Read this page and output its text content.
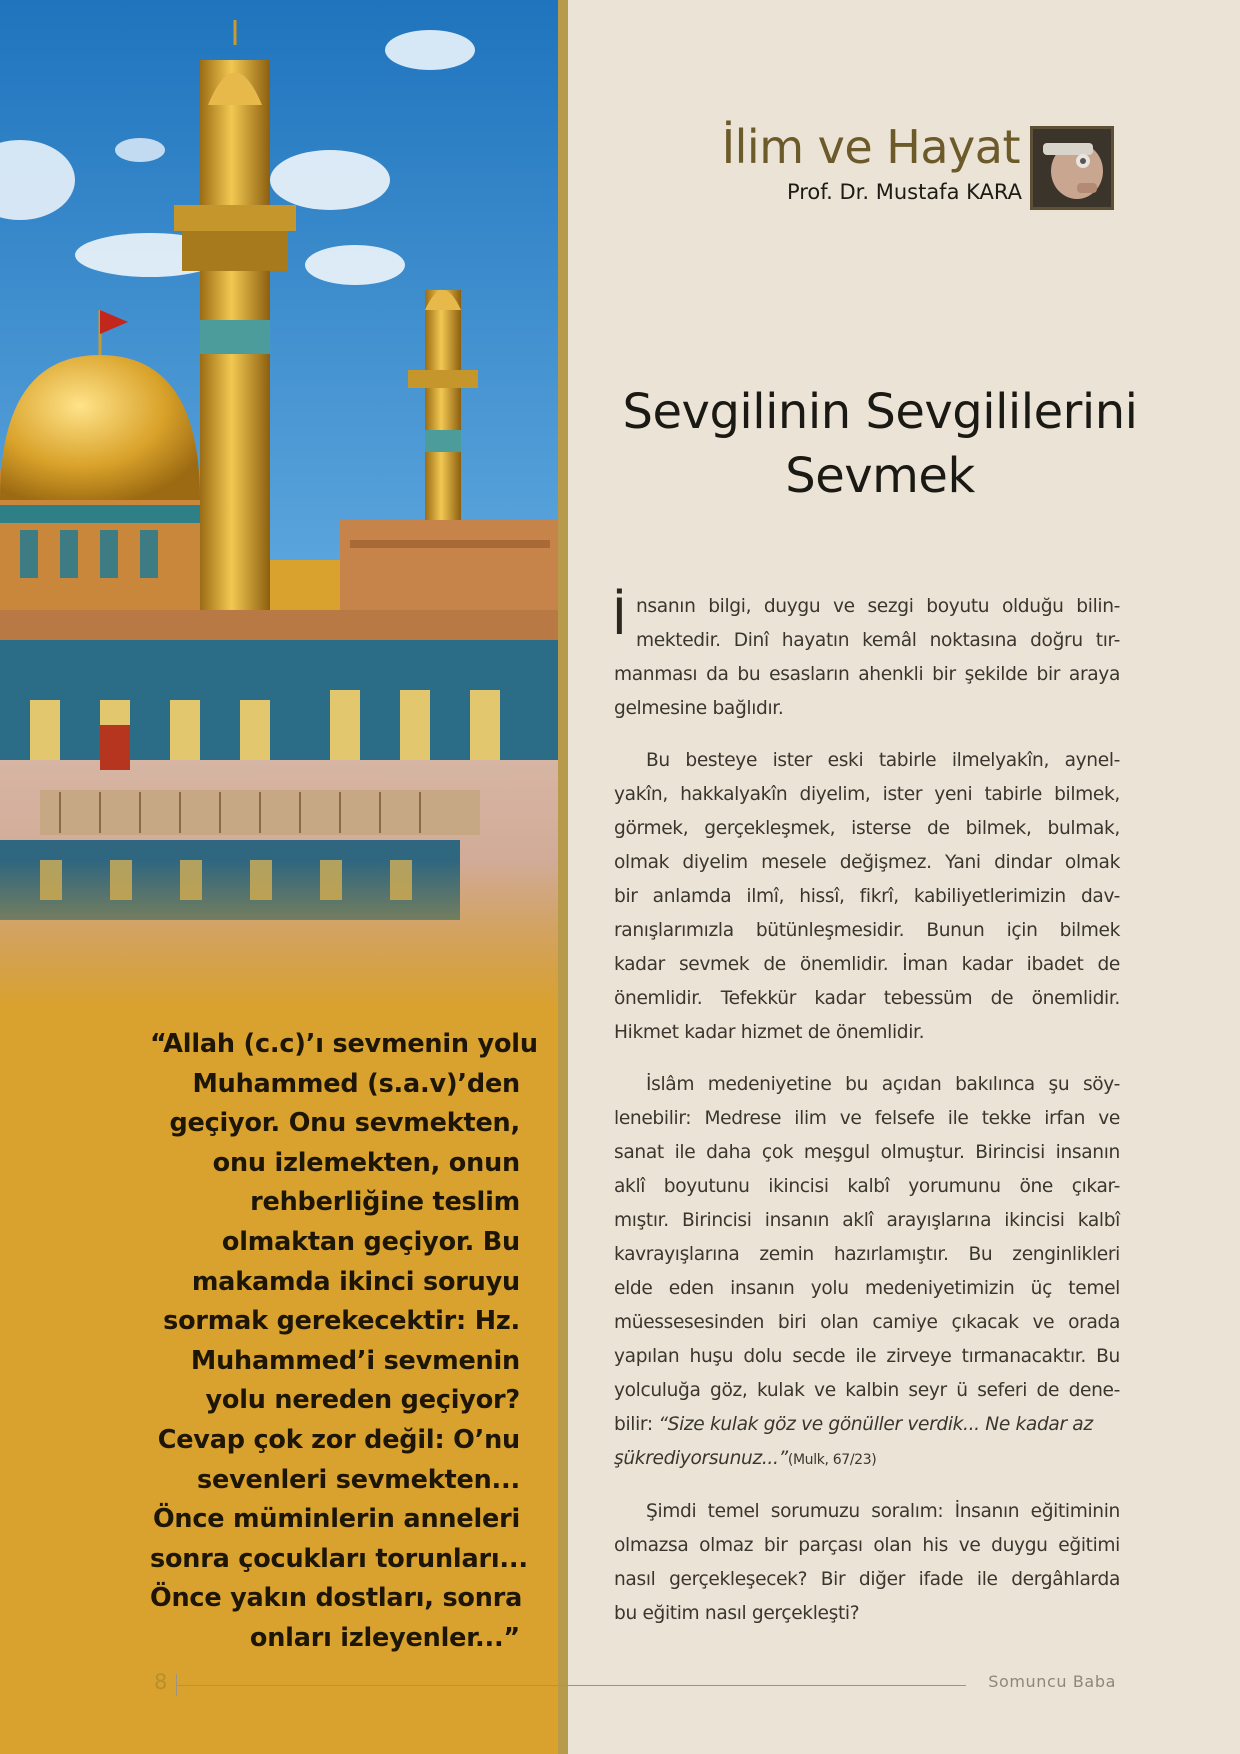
“Allah (c.c)’ı sevmenin yolu
Muhammed (s.a.v)’den
geçiyor. Onu sevmekten,
onu izlemekten, onun
rehberliğine teslim
olmaktan geçiyor. Bu
makamda ikinci soruyu
sormak gerekecektir: Hz.
Muhammed’i sevmenin
yolu nereden geçiyor?
Cevap çok zor değil: O’nu
sevenleri sevmekten...
Önce müminlerin anneleri
sonra çocukları torunları...
Önce yakın dostları, sonra
onları izleyenler...”
İlim ve Hayat
Prof. Dr. Mustafa KARA
Sevgilinin Sevgililerini
Sevmek
İ nsanın bilgi, duygu ve sezgi boyutu olduğu bilin-
mektedir. Dinî hayatın kemâl noktasına doğru tır-
manması da bu esasların ahenkli bir şekilde bir araya
gelmesine bağlıdır.

Bu besteye ister eski tabirle ilmelyakîn, aynel-
yakîn, hakkalyakîn diyelim, ister yeni tabirle bilmek,
görmek, gerçekleşmek, isterse de bilmek, bulmak,
olmak diyelim mesele değişmez. Yani dindar olmak
bir anlamda ilmî, hissî, fikrî, kabiliyetlerimizin dav-
ranışlarımızla bütünleşmesidir. Bunun için bilmek
kadar sevmek de önemlidir. İman kadar ibadet de
önemlidir. Tefekkür kadar tebessüm de önemlidir.
Hikmet kadar hizmet de önemlidir.

İslâm medeniyetine bu açıdan bakılınca şu söy-
lenebilir: Medrese ilim ve felsefe ile tekke irfan ve
sanat ile daha çok meşgul olmuştur. Birincisi insanın
aklî boyutunu ikincisi kalbî yorumunu öne çıkar-
mıştır. Birincisi insanın aklî arayışlarına ikincisi kalbî
kavrayışlarına zemin hazırlamıştır. Bu zenginlikleri
elde eden insanın yolu medeniyetimizin üç temel
müessesesinden biri olan camiye çıkacak ve orada
yapılan huşu dolu secde ile zirveye tırmanacaktır. Bu
yolculuğa göz, kulak ve kalbin seyr ü seferi de dene-
bilir: “Size kulak göz ve gönüller verdik... Ne kadar az
şükrediyorsunuz...”(Mulk, 67/23)

Şimdi temel sorumuzu soralım: İnsanın eğitiminin
olmazsa olmaz bir parçası olan his ve duygu eğitimi
nasıl gerçekleşecek? Bir diğer ifade ile dergâhlarda
bu eğitim nasıl gerçekleşti?

8	Somuncu Baba
